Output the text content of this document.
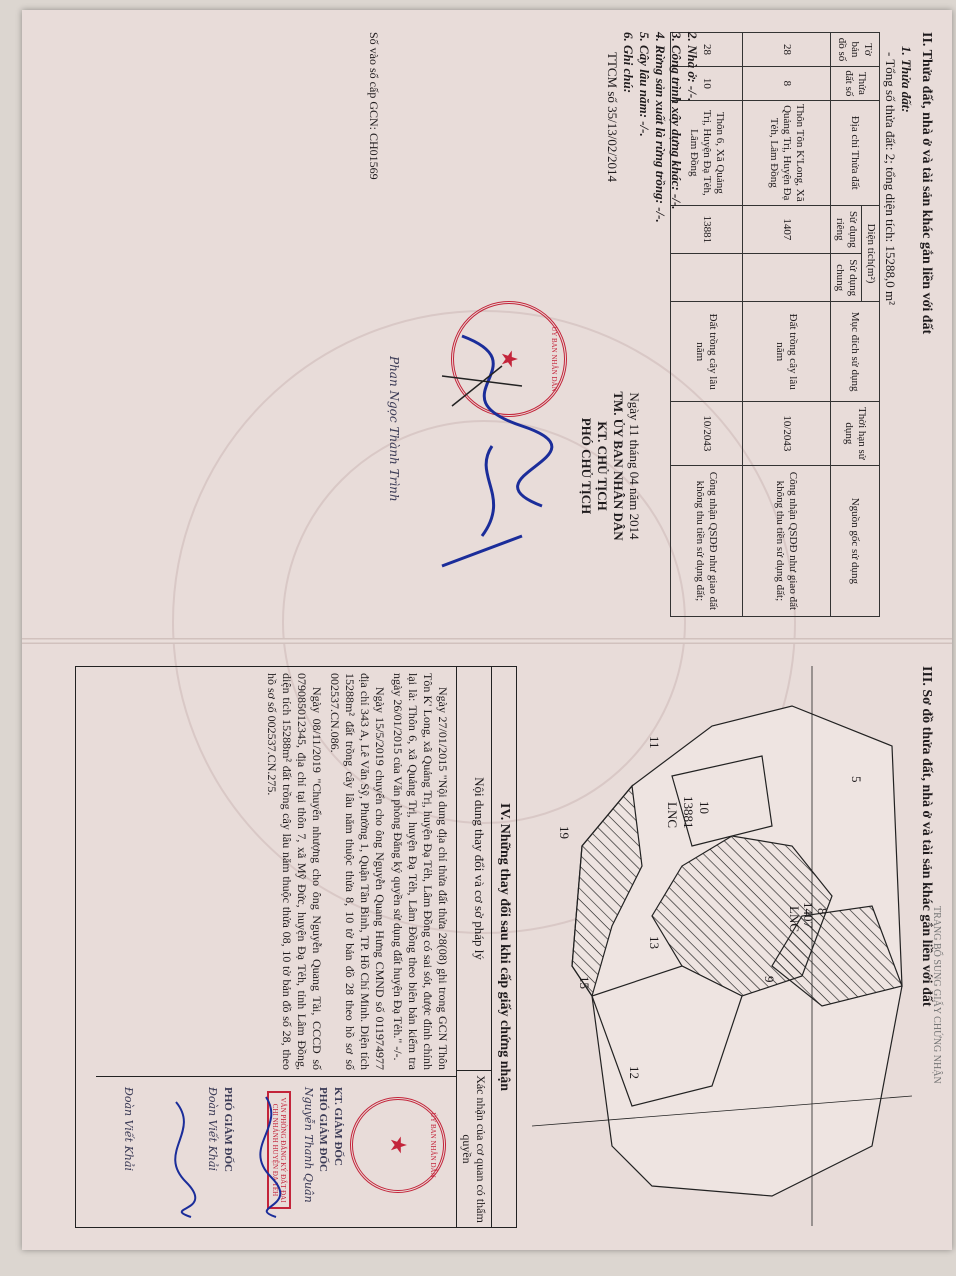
II. Thửa đất, nhà ở và tài sản khác gắn liền với đất
1. Thửa đất:
- Tổng số thửa đất: 2; tổng diện tích: 15288,0 m²
Tờ bản đồ số	Thửa đất số	Địa chỉ Thửa đất	Diện tích(m²)		Mục đích sử dụng	Thời hạn sử dụng	Nguồn gốc sử dụng
			Sử dụng riêng	Sử dụng chung			
28	8	Thôn Tôn K'Long, Xã Quảng Trị, Huyện Đạ Tẻh, Lâm Đồng	1407		Đất trồng cây lâu năm	10/2043	Công nhận QSDĐ như giao đất không thu tiền sử dụng đất;
28	10	Thôn 6, Xã Quảng Trị, Huyện Đạ Tẻh, Lâm Đồng	13881		Đất trồng cây lâu năm	10/2043	Công nhận QSDĐ như giao đất không thu tiền sử dụng đất;
2. Nhà ở: -/-.
3. Công trình xây dựng khác: -/-.
4. Rừng sản xuất là rừng trồng: -/-.
5. Cây lâu năm: -/-.
6. Ghi chú:
TTCM số 35/13/02/2014
Ngày 11 tháng 04 năm 2014
TM. ỦY BAN NHÂN DÂN
KT. CHỦ TỊCH
PHÓ CHỦ TỊCH
ỦY BAN NHÂN DÂN
★
Phan Ngọc Thành Trình
Số vào sổ cấp GCN: CH01569
III. Sơ đồ thửa đất, nhà ở và tài sản khác gắn liền với đất
TRANG BỔ SUNG GIẤY CHỨNG NHẬN
5
8
1407
LNC
9
10
13881
LNC
11
12
13
15
19
IV. Những thay đổi sau khi cấp giấy chứng nhận
Nội dung thay đổi và cơ sở pháp lý
Xác nhận của cơ quan có thẩm quyền

Ngày 27/01/2015 "Nội dung địa chỉ thửa đất thửa 28(08) ghi trong GCN Thôn Tôn K' Long, xã Quảng Trị, huyện Đạ Tẻh, Lâm Đồng có sai sót, được đính chính lại là: Thôn 6, xã Quảng Trị, huyện Đạ Tẻh, Lâm Đồng theo biên bản kiểm tra ngày 26/01/2015 của Văn phòng Đăng ký quyền sử dụng đất huyện Đạ Tẻh." -/-.

Ngày 15/5/2019 chuyển cho ông Nguyễn Quang Hưng CMND số 011974977 địa chỉ 343 A, Lê Văn Sỹ, Phường 1, Quận Tân Bình, TP. Hồ Chí Minh. Diện tích 15288m² đất trồng cây lâu năm thuộc thửa 8, 10 tờ bản đồ 28 theo hồ sơ số 002537.CN.086.

Ngày 08/11/2019 "Chuyển nhượng cho ông Nguyễn Quang Tài, CCCD số 079085012345, địa chỉ tại thôn 7, xã Mỹ Đức, huyện Đạ Tẻh, tỉnh Lâm Đồng, diện tích 15288m² đất trồng cây lâu năm thuộc thửa 08, 10 tờ bản đồ số 28, theo hồ sơ số 002537.CN.275.

ỦY BAN NHÂN DÂN
★
KT. GIÁM ĐỐC
PHÓ GIÁM ĐỐC
Nguyễn Thanh Quân
VĂN PHÒNG ĐĂNG KÝ ĐẤT ĐAI CHI NHÁNH HUYỆN ĐẠ TẺH
PHÓ GIÁM ĐỐC
Đoàn Viết Khải
Đoàn Viết Khải
